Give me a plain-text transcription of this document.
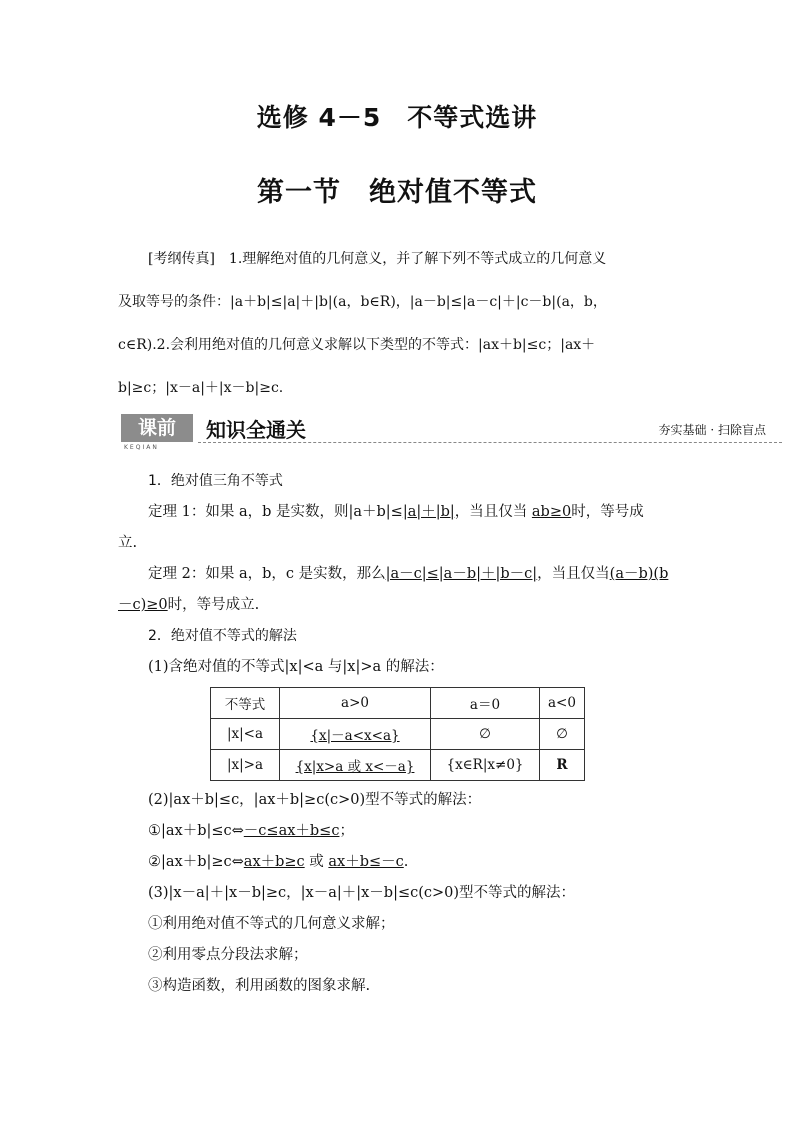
选修 4－5　不等式选讲
第一节　绝对值不等式

[考纲传真]　1.理解绝对值的几何意义，并了解下列不等式成立的几何意义

及取等号的条件：|a＋b|≤|a|＋|b|(a，b∈R)，|a－b|≤|a－c|＋|c－b|(a，b，

c∈R).2.会利用绝对值的几何意义求解以下类型的不等式：|ax＋b|≤c；|ax＋

b|≥c；|x－a|＋|x－b|≥c.

课前
KEQIAN
知识全通关	夯实基础 · 扫除盲点
1．绝对值三角不等式
定理 1：如果 a，b 是实数，则|a＋b|≤|a|＋|b|，当且仅当 ab≥0时，等号成
立.
定理 2：如果 a，b，c 是实数，那么|a－c|≤|a－b|＋|b－c|，当且仅当(a－b)(b
－c)≥0时，等号成立.
2．绝对值不等式的解法
(1)含绝对值的不等式|x|<a 与|x|>a 的解法：
不等式	a>0	a＝0	a<0
|x|<a	{x|－a<x<a}	∅	∅
|x|>a	{x|x>a 或 x<－a}	{x∈R|x≠0}	R
(2)|ax＋b|≤c，|ax＋b|≥c(c>0)型不等式的解法：
①|ax＋b|≤c⇔－c≤ax＋b≤c；
②|ax＋b|≥c⇔ax＋b≥c 或 ax＋b≤－c.
(3)|x－a|＋|x－b|≥c，|x－a|＋|x－b|≤c(c>0)型不等式的解法：
①利用绝对值不等式的几何意义求解；
②利用零点分段法求解；
③构造函数，利用函数的图象求解.
